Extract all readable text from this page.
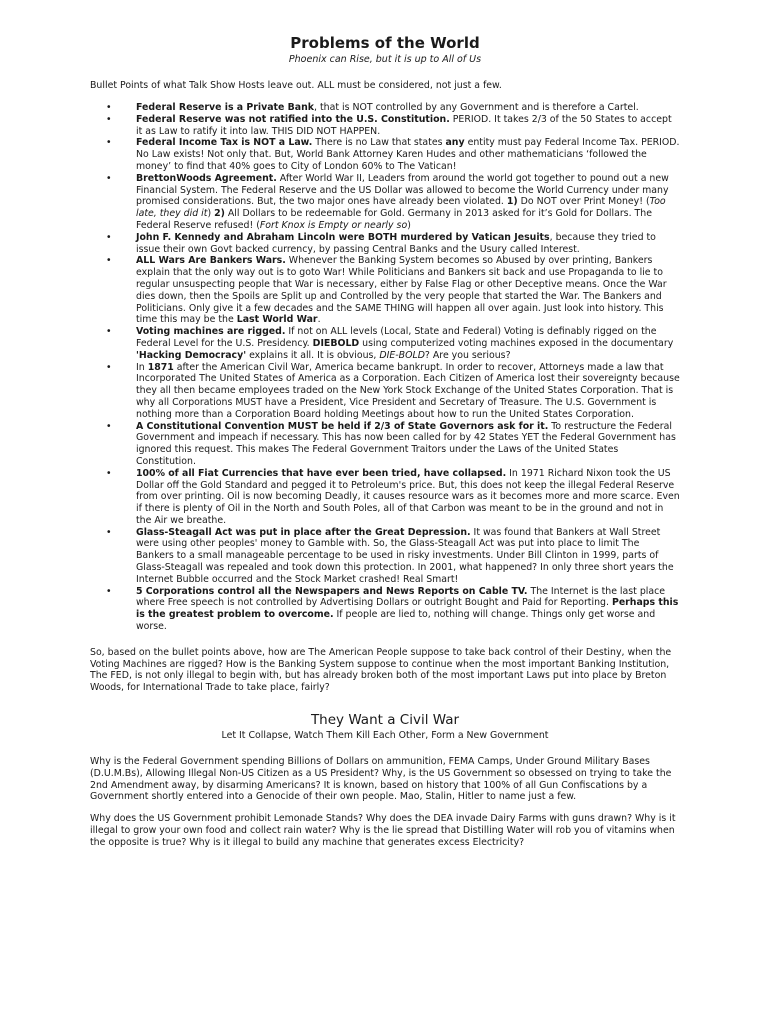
Problems of the World

Phoenix can Rise, but it is up to All of Us

Bullet Points of what Talk Show Hosts leave out. ALL must be considered, not just a few.

• Federal Reserve is a Private Bank, that is NOT controlled by any Government and is therefore a Cartel.
• Federal Reserve was not ratified into the U.S. Constitution. PERIOD. It takes 2/3 of the 50 States to accept it as Law to ratify it into law. THIS DID NOT HAPPEN.
• Federal Income Tax is NOT a Law. There is no Law that states any entity must pay Federal Income Tax. PERIOD. No Law exists! Not only that. But, World Bank Attorney Karen Hudes and other mathematicians ‘followed the money’ to find that 40% goes to City of London 60% to The Vatican!
• BrettonWoods Agreement. After World War II, Leaders from around the world got together to pound out a new Financial System. The Federal Reserve and the US Dollar was allowed to become the World Currency under many promised considerations. But, the two major ones have already been violated. 1) Do NOT over Print Money! (Too late, they did it) 2) All Dollars to be redeemable for Gold. Germany in 2013 asked for it’s Gold for Dollars. The Federal Reserve refused! (Fort Knox is Empty or nearly so)
• John F. Kennedy and Abraham Lincoln were BOTH murdered by Vatican Jesuits, because they tried to issue their own Govt backed currency, by passing Central Banks and the Usury called Interest.
• ALL Wars Are Bankers Wars. Whenever the Banking System becomes so Abused by over printing, Bankers explain that the only way out is to goto War! While Politicians and Bankers sit back and use Propaganda to lie to regular unsuspecting people that War is necessary, either by False Flag or other Deceptive means. Once the War dies down, then the Spoils are Split up and Controlled by the very people that started the War. The Bankers and Politicians. Only give it a few decades and the SAME THING will happen all over again. Just look into history. This time this may be the Last World War.
• Voting machines are rigged. If not on ALL levels (Local, State and Federal) Voting is definably rigged on the Federal Level for the U.S. Presidency. DIEBOLD using computerized voting machines exposed in the documentary 'Hacking Democracy' explains it all. It is obvious, DIE-BOLD? Are you serious?
• In 1871 after the American Civil War, America became bankrupt. In order to recover, Attorneys made a law that Incorporated The United States of America as a Corporation. Each Citizen of America lost their sovereignty because they all then became employees traded on the New York Stock Exchange of the United States Corporation. That is why all Corporations MUST have a President, Vice President and Secretary of Treasure. The U.S. Government is nothing more than a Corporation Board holding Meetings about how to run the United States Corporation.
• A Constitutional Convention MUST be held if 2/3 of State Governors ask for it. To restructure the Federal Government and impeach if necessary. This has now been called for by 42 States YET the Federal Government has ignored this request. This makes The Federal Government Traitors under the Laws of the United States Constitution.
• 100% of all Fiat Currencies that have ever been tried, have collapsed. In 1971 Richard Nixon took the US Dollar off the Gold Standard and pegged it to Petroleum's price. But, this does not keep the illegal Federal Reserve from over printing. Oil is now becoming Deadly, it causes resource wars as it becomes more and more scarce. Even if there is plenty of Oil in the North and South Poles, all of that Carbon was meant to be in the ground and not in the Air we breathe.
• Glass-Steagall Act was put in place after the Great Depression. It was found that Bankers at Wall Street were using other peoples' money to Gamble with. So, the Glass-Steagall Act was put into place to limit The Bankers to a small manageable percentage to be used in risky investments. Under Bill Clinton in 1999, parts of Glass-Steagall was repealed and took down this protection. In 2001, what happened? In only three short years the Internet Bubble occurred and the Stock Market crashed! Real Smart!
• 5 Corporations control all the Newspapers and News Reports on Cable TV. The Internet is the last place where Free speech is not controlled by Advertising Dollars or outright Bought and Paid for Reporting. Perhaps this is the greatest problem to overcome. If people are lied to, nothing will change. Things only get worse and worse.

So, based on the bullet points above, how are The American People suppose to take back control of their Destiny, when the Voting Machines are rigged? How is the Banking System suppose to continue when the most important Banking Institution, The FED, is not only illegal to begin with, but has already broken both of the most important Laws put into place by Breton Woods, for International Trade to take place, fairly?

They Want a Civil War

Let It Collapse, Watch Them Kill Each Other, Form a New Government

Why is the Federal Government spending Billions of Dollars on ammunition, FEMA Camps, Under Ground Military Bases (D.U.M.Bs), Allowing Illegal Non-US Citizen as a US President? Why, is the US Government so obsessed on trying to take the 2nd Amendment away, by disarming Americans? It is known, based on history that 100% of all Gun Confiscations by a Government shortly entered into a Genocide of their own people. Mao, Stalin, Hitler to name just a few.

Why does the US Government prohibit Lemonade Stands? Why does the DEA invade Dairy Farms with guns drawn? Why is it illegal to grow your own food and collect rain water? Why is the lie spread that Distilling Water will rob you of vitamins when the opposite is true? Why is it illegal to build any machine that generates excess Electricity?
